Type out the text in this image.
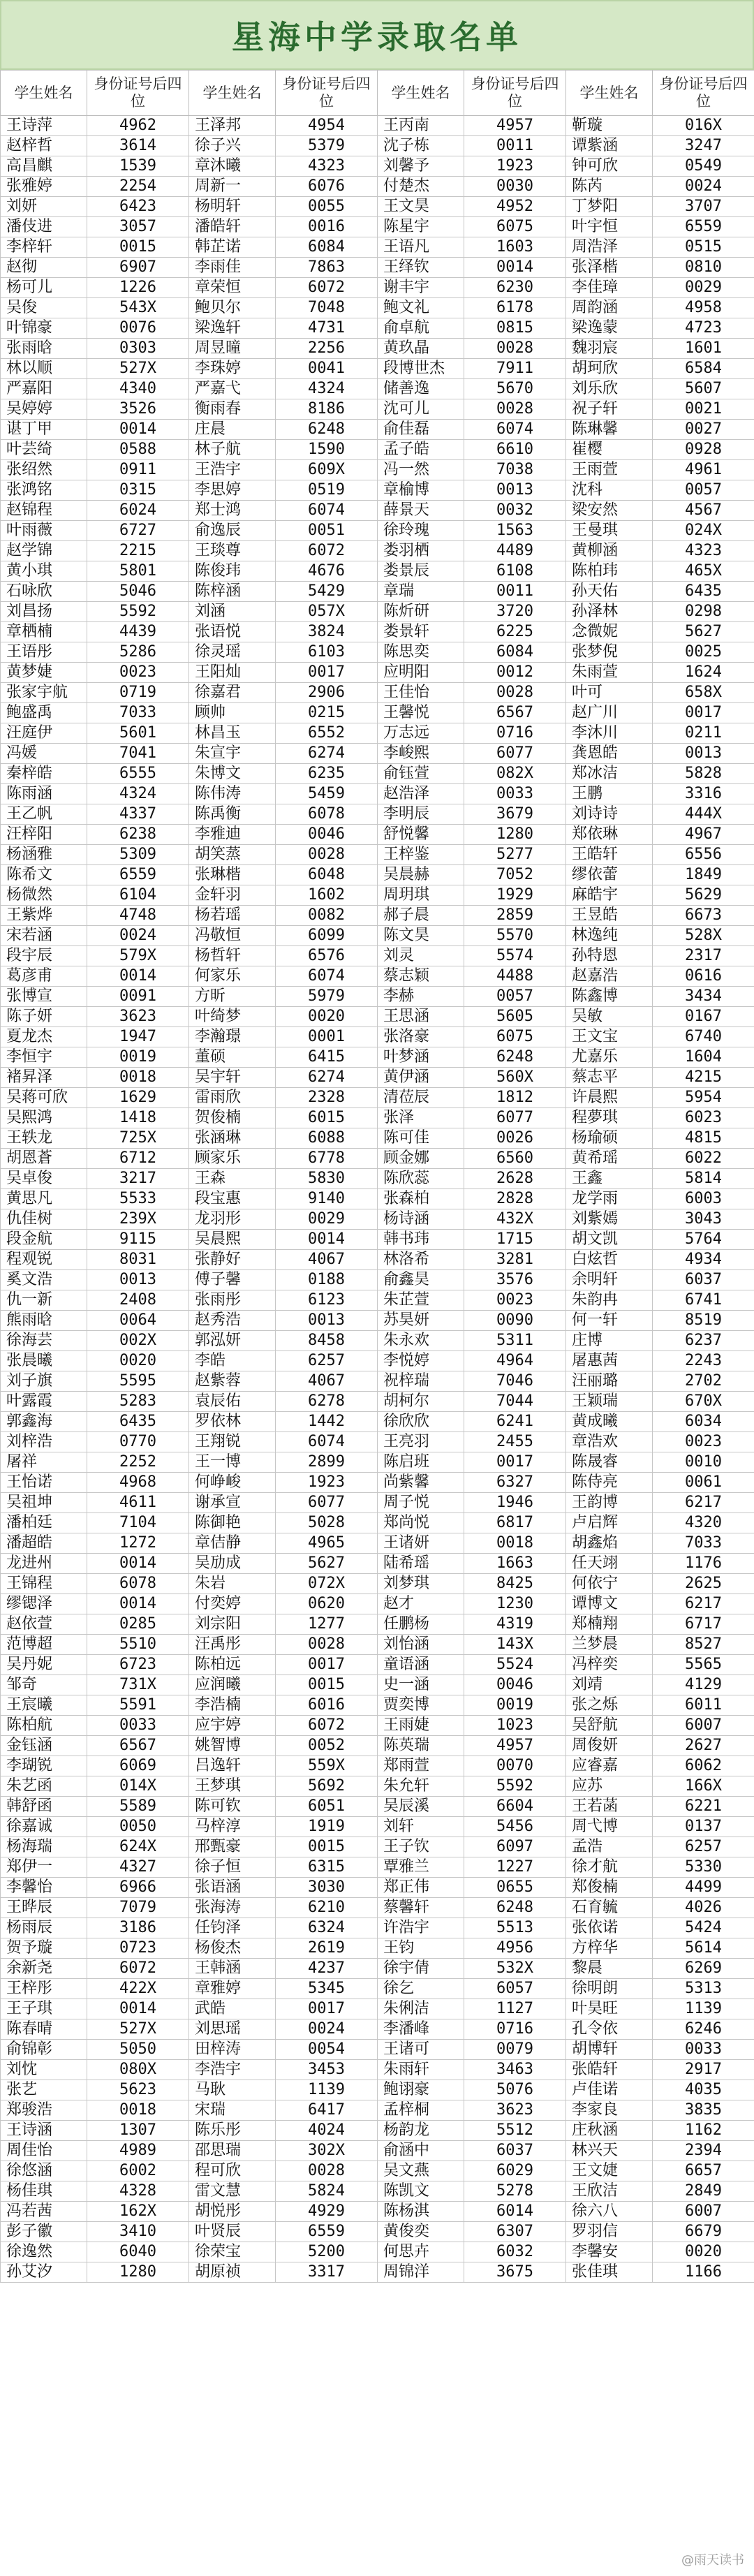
星海中学录取名单
学生姓名	身份证号后四位	学生姓名	身份证号后四位	学生姓名	身份证号后四位	学生姓名	身份证号后四位
王诗萍	4962	王泽邦	4954	王丙南	4957	靳璇	016X
赵梓哲	3614	徐子兴	5379	沈子栋	0011	谭紫涵	3247
高昌麒	1539	章沐曦	4323	刘馨予	1923	钟可欣	0549
张雅婷	2254	周新一	6076	付楚杰	0030	陈芮	0024
刘妍	6423	杨明轩	0055	王文昊	4952	丁梦阳	3707
潘伎进	3057	潘皓轩	0016	陈星宇	6075	叶宇恒	6559
李梓轩	0015	韩芷诺	6084	王语凡	1603	周浩泽	0515
赵彻	6907	李雨佳	7863	王绎钦	0014	张泽楷	0810
杨可儿	1226	章荣恒	6072	谢丰宇	6230	李佳璋	0029
吴俊	543X	鲍贝尔	7048	鲍文礼	6178	周韵涵	4958
叶锦豪	0076	梁逸轩	4731	俞卓航	0815	梁逸蒙	4723
张雨晗	0303	周昱曈	2256	黄玖晶	0028	魏羽宸	1601
林以顺	527X	李珠婷	0041	段博世杰	7911	胡珂欣	6584
严嘉阳	4340	严嘉弋	4324	储善逸	5670	刘乐欣	5607
吴婷婷	3526	衡雨春	8186	沈可儿	0028	祝子轩	0021
谌丁甲	0014	庄晨	6248	俞佳磊	6074	陈琳馨	0027
叶芸绮	0588	林子航	1590	孟子皓	6610	崔樱	0928
张绍然	0911	王浩宇	609X	冯一然	7038	王雨萱	4961
张鸿铭	0315	李思婷	0519	章榆博	0013	沈科	0057
赵锦程	6024	郑士鸿	6074	薛景天	0032	梁安然	4567
叶雨薇	6727	俞逸辰	0051	徐玲瑰	1563	王曼琪	024X
赵学锦	2215	王琰尊	6072	娄羽栖	4489	黄柳涵	4323
黄小琪	5801	陈俊玮	4676	娄景辰	6108	陈柏玮	465X
石咏欣	5046	陈梓涵	5429	章瑞	0011	孙天佑	6435
刘昌扬	5592	刘涵	057X	陈炘研	3720	孙泽林	0298
章栖楠	4439	张语悦	3824	娄景轩	6225	念微妮	5627
王语彤	5286	徐灵瑶	6103	陈思奕	6084	张梦倪	0025
黄梦婕	0023	王阳灿	0017	应明阳	0012	朱雨萱	1624
张家宇航	0719	徐嘉君	2906	王佳怡	0028	叶可	658X
鲍盛禹	7033	顾帅	0215	王馨悦	6567	赵广川	0017
汪庭伊	5601	林昌玉	6552	万志远	0716	李沐川	0211
冯媛	7041	朱宣宇	6274	李峻熙	6077	龚恩皓	0013
秦梓皓	6555	朱博文	6235	俞钰萱	082X	郑冰洁	5828
陈雨涵	4324	陈伟涛	5459	赵浩泽	0033	王鹏	3316
王乙帆	4337	陈禹衡	6078	李明辰	3679	刘诗诗	444X
汪梓阳	6238	李雅迪	0046	舒悦馨	1280	郑依琳	4967
杨涵雅	5309	胡笑蒸	0028	王梓鉴	5277	王皓轩	6556
陈希文	6559	张琳楷	6048	吴晨赫	7052	缪依蕾	1849
杨微然	6104	金轩羽	1602	周玥琪	1929	麻皓宇	5629
王紫烨	4748	杨若瑶	0082	郝子晨	2859	王昱皓	6673
宋若涵	0024	冯敬恒	6099	陈文昊	5570	林逸纯	528X
段宇辰	579X	杨哲轩	6576	刘灵	5574	孙特恩	2317
葛彦甫	0014	何家乐	6074	蔡志颖	4488	赵嘉浩	0616
张博宣	0091	方昕	5979	李赫	0057	陈鑫博	3434
陈子妍	3623	叶绮梦	0020	王思涵	5605	吴敏	0167
夏龙杰	1947	李瀚璟	0001	张洛豪	6075	王文宝	6740
李恒宇	0019	董硕	6415	叶梦涵	6248	尤嘉乐	1604
褚昇泽	0018	吴宇轩	6274	黄伊涵	560X	蔡志平	4215
吴蒋可欣	1629	雷雨欣	2328	清莅辰	1812	许晨熙	5954
吴熙鸿	1418	贺俊楠	6015	张泽	6077	程夢琪	6023
王轶龙	725X	张涵琳	6088	陈可佳	0026	杨瑜硕	4815
胡恩蒼	6712	顾家乐	6778	顾金娜	6560	黄希瑶	6022
吴卓俊	3217	王森	5830	陈欣蕊	2628	王鑫	5814
黄思凡	5533	段宝惠	9140	张森柏	2828	龙学雨	6003
仇佳树	239X	龙羽形	0029	杨诗涵	432X	刘紫嫣	3043
段金航	9115	吴晨熙	0014	韩书玮	1715	胡文凯	5764
程观锐	8031	张静好	4067	林洛希	3281	白炫哲	4934
奚文浩	0013	傅子馨	0188	俞鑫昊	3576	余明轩	6037
仇一新	2408	张雨彤	6123	朱芷萱	0023	朱韵冉	6741
熊雨晗	0064	赵秀浩	0013	苏昊妍	0090	何一轩	8519
徐海芸	002X	郭泓妍	8458	朱永欢	5311	庄博	6237
张晨曦	0020	李皓	6257	李悦婷	4964	屠惠茜	2243
刘子旗	5595	赵紫蓉	4067	祝梓瑞	7046	汪丽璐	2702
叶露霞	5283	袁辰佑	6278	胡柯尔	7044	王颖瑞	670X
郭鑫海	6435	罗依林	1442	徐欣欣	6241	黄成曦	6034
刘梓浩	0770	王翔锐	6074	王亮羽	2455	章浩欢	0023
屠祥	2252	王一博	2899	陈启班	0017	陈晟睿	0010
王怡诺	4968	何峥峻	1923	尚紫馨	6327	陈侍亮	0061
吴祖坤	4611	谢承宣	6077	周子悦	1946	王韵博	6217
潘柏廷	7104	陈御艳	5028	郑尚悦	6817	卢启辉	4320
潘超皓	1272	章佶静	4965	王诸妍	0018	胡鑫焰	7033
龙进州	0014	吴劢成	5627	陆希瑶	1663	任天翊	1176
王锦程	6078	朱岩	072X	刘梦琪	8425	何依宁	2625
缪锶泽	0014	付奕婷	0620	赵才	1230	谭博文	6217
赵依萱	0285	刘宗阳	1277	任鹏杨	4319	郑楠翔	6717
范博超	5510	汪禹彤	0028	刘怡涵	143X	兰梦晨	8527
吴丹妮	6723	陈柏远	0017	童语涵	5524	冯梓奕	5565
邹奇	731X	应润曦	0015	史一涵	0046	刘靖	4129
王宸曦	5591	李浩楠	6016	贾奕博	0019	张之烁	6011
陈柏航	0033	应宇婷	6072	王雨婕	1023	吴舒航	6007
金钰涵	6567	姚智博	0052	陈英瑞	4957	周俊妍	2627
李瑚锐	6069	吕逸轩	559X	郑雨萱	0070	应睿嘉	6062
朱艺函	014X	王梦琪	5692	朱允轩	5592	应苏	166X
韩舒函	5589	陈可钦	6051	吴辰溪	6604	王若菡	6221
徐嘉诚	0050	马梓淳	1919	刘轩	5456	周弋博	0137
杨海瑞	624X	邢甄豪	0015	王子钦	6097	孟浩	6257
郑伊一	4327	徐子恒	6315	覃雅兰	1227	徐才航	5330
李馨怡	6966	张语涵	3030	郑正伟	0655	郑俊楠	4499
王晔辰	7079	张海涛	6210	蔡馨轩	6248	石育毓	4026
杨雨辰	3186	任钧泽	6324	许浩宇	5513	张依诺	5424
贺予璇	0723	杨俊杰	2619	王钧	4956	方梓华	5614
余新尧	6072	王韩涵	4237	徐宇倩	532X	黎晨	6269
王梓彤	422X	章雅婷	5345	徐乞	6057	徐明朗	5313
王子琪	0014	武皓	0017	朱俐洁	1127	叶昊旺	1139
陈春晴	527X	刘思瑶	0024	李潘峰	0716	孔令依	6246
俞锦彰	5050	田梓涛	0054	王诸可	0079	胡博轩	0033
刘忱	080X	李浩宇	3453	朱雨轩	3463	张皓轩	2917
张艺	5623	马耿	1139	鲍诩豪	5076	卢佳诺	4035
郑骏浩	0018	宋瑞	6417	孟梓桐	3623	李家良	3835
王诗涵	1307	陈乐彤	4024	杨韵龙	5512	庄秋涵	1162
周佳怡	4989	邵思瑞	302X	俞涵中	6037	林兴天	2394
徐悠涵	6002	程可欣	0028	吴文燕	6029	王文婕	6657
杨佳琪	4328	雷文慧	5824	陈凯文	5278	王欣洁	2849
冯若茜	162X	胡悦彤	4929	陈杨淇	6014	徐六八	6007
彭子徽	3410	叶贤辰	6559	黄俊奕	6307	罗羽信	6679
徐逸然	6040	徐荣宝	5200	何思卉	6032	李馨安	0020
孙艾汐	1280	胡原祯	3317	周锦洋	3675	张佳琪	1166
@雨天读书
